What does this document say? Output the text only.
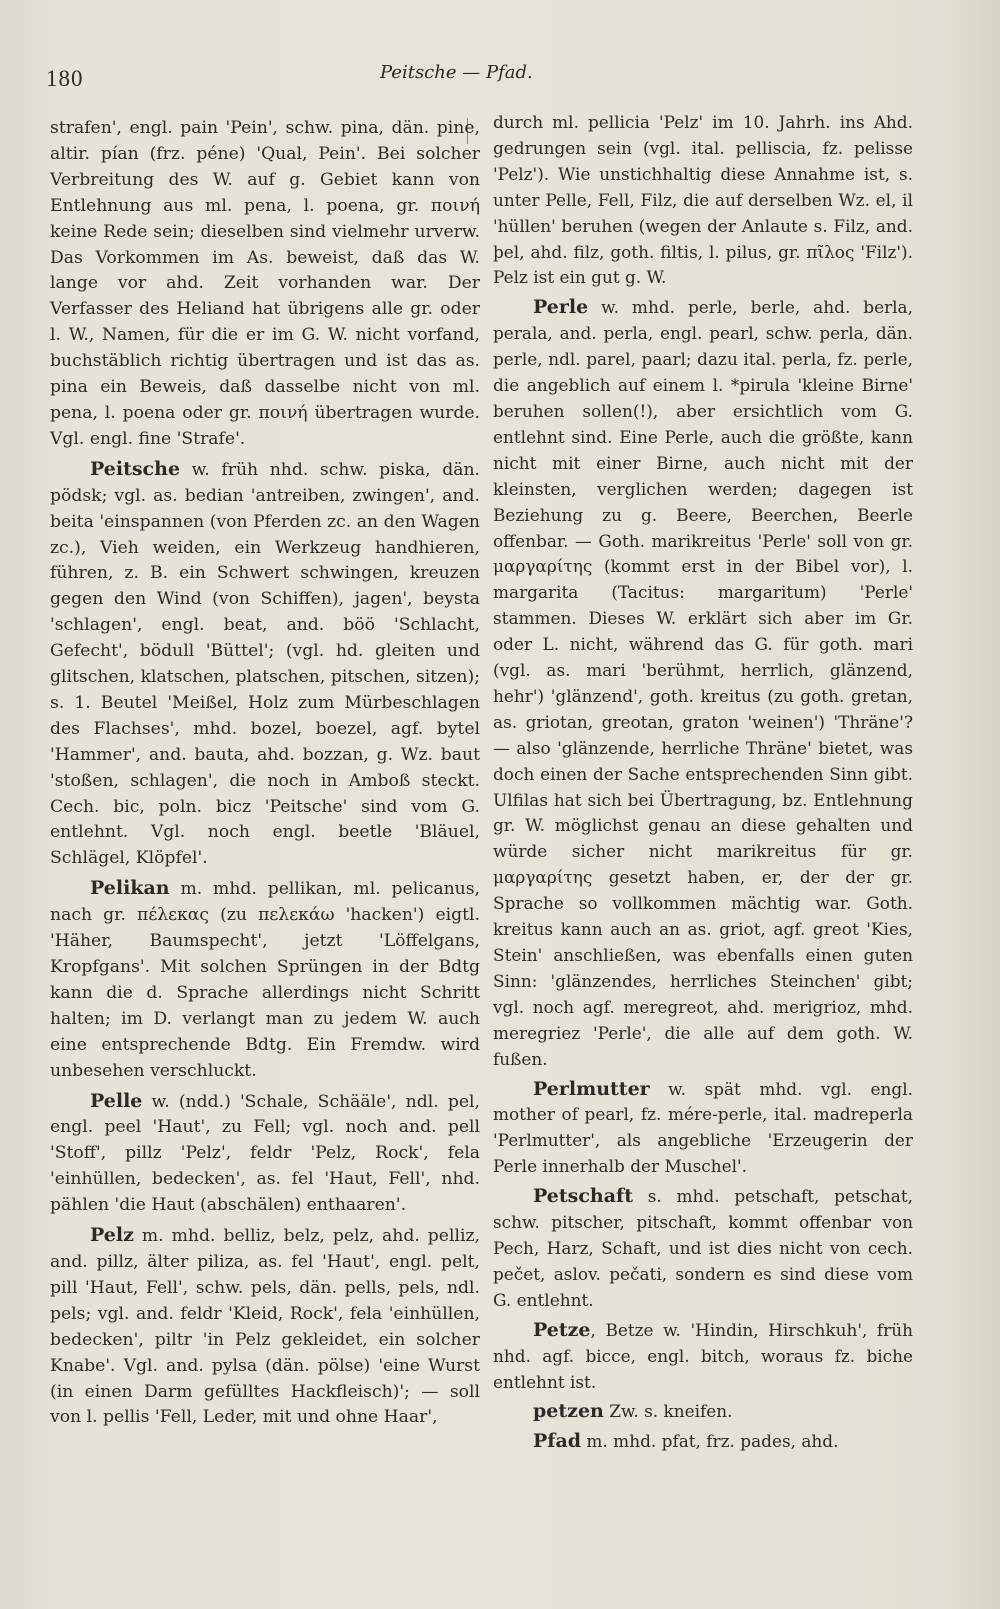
180	Peitsche — Pfad.

strafen', engl. pain 'Pein', schw. pina, dän. pine, altir. pían (frz. péne) 'Qual, Pein'. Bei solcher Verbreitung des W. auf g. Gebiet kann von Entlehnung aus ml. pena, l. poena, gr. ποινή keine Rede sein; dieselben sind vielmehr urverw. Das Vorkommen im As. beweist, daß das W. lange vor ahd. Zeit vorhanden war. Der Verfasser des Heliand hat übrigens alle gr. oder l. W., Namen, für die er im G. W. nicht vorfand, buchstäblich richtig übertragen und ist das as. pina ein Beweis, daß dasselbe nicht von ml. pena, l. poena oder gr. ποινή übertragen wurde. Vgl. engl. fine 'Strafe'.

Peitsche w. früh nhd. schw. piska, dän. pödsk; vgl. as. bedian 'antreiben, zwingen', and. beita 'einspannen (von Pferden zc. an den Wagen zc.), Vieh weiden, ein Werkzeug handhieren, führen, z. B. ein Schwert schwingen, kreuzen gegen den Wind (von Schiffen), jagen', beysta 'schlagen', engl. beat, and. böö 'Schlacht, Gefecht', bödull 'Büttel'; (vgl. hd. gleiten und glitschen, klatschen, platschen, pitschen, sitzen); s. 1. Beutel 'Meißel, Holz zum Mürbeschlagen des Flachses', mhd. bozel, boezel, agf. bytel 'Hammer', and. bauta, ahd. bozzan, g. Wz. baut 'stoßen, schlagen', die noch in Amboß steckt. Cech. bic, poln. bicz 'Peitsche' sind vom G. entlehnt. Vgl. noch engl. beetle 'Bläuel, Schlägel, Klöpfel'.

Pelikan m. mhd. pellikan, ml. pelicanus, nach gr. πέλεκας (zu πελεκάω 'hacken') eigtl. 'Häher, Baumspecht', jetzt 'Löffelgans, Kropfgans'. Mit solchen Sprüngen in der Bdtg kann die d. Sprache allerdings nicht Schritt halten; im D. verlangt man zu jedem W. auch eine entsprechende Bdtg. Ein Fremdw. wird unbesehen verschluckt.

Pelle w. (ndd.) 'Schale, Schääle', ndl. pel, engl. peel 'Haut', zu Fell; vgl. noch and. pell 'Stoff', pillz 'Pelz', feldr 'Pelz, Rock', fela 'einhüllen, bedecken', as. fel 'Haut, Fell', nhd. pählen 'die Haut (abschälen) enthaaren'.

Pelz m. mhd. belliz, belz, pelz, ahd. pelliz, and. pillz, älter piliza, as. fel 'Haut', engl. pelt, pill 'Haut, Fell', schw. pels, dän. pells, pels, ndl. pels; vgl. and. feldr 'Kleid, Rock', fela 'einhüllen, bedecken', piltr 'in Pelz gekleidet, ein solcher Knabe'. Vgl. and. pylsa (dän. pölse) 'eine Wurst (in einen Darm gefülltes Hackfleisch)'; — soll von l. pellis 'Fell, Leder, mit und ohne Haar',

durch ml. pellicia 'Pelz' im 10. Jahrh. ins Ahd. gedrungen sein (vgl. ital. pelliscia, fz. pelisse 'Pelz'). Wie unstichhaltig diese Annahme ist, s. unter Pelle, Fell, Filz, die auf derselben Wz. el, il 'hüllen' beruhen (wegen der Anlaute s. Filz, and. þel, ahd. filz, goth. filtis, l. pilus, gr. πῖλος 'Filz'). Pelz ist ein gut g. W.

Perle w. mhd. perle, berle, ahd. berla, perala, and. perla, engl. pearl, schw. perla, dän. perle, ndl. parel, paarl; dazu ital. perla, fz. perle, die angeblich auf einem l. *pirula 'kleine Birne' beruhen sollen(!), aber ersichtlich vom G. entlehnt sind. Eine Perle, auch die größte, kann nicht mit einer Birne, auch nicht mit der kleinsten, verglichen werden; dagegen ist Beziehung zu g. Beere, Beerchen, Beerle offenbar. — Goth. marikreitus 'Perle' soll von gr. μαργαρίτης (kommt erst in der Bibel vor), l. margarita (Tacitus: margaritum) 'Perle' stammen. Dieses W. erklärt sich aber im Gr. oder L. nicht, während das G. für goth. mari (vgl. as. mari 'berühmt, herrlich, glänzend, hehr') 'glänzend', goth. kreitus (zu goth. gretan, as. griotan, greotan, graton 'weinen') 'Thräne'? — also 'glänzende, herrliche Thräne' bietet, was doch einen der Sache entsprechenden Sinn gibt. Ulfilas hat sich bei Übertragung, bz. Entlehnung gr. W. möglichst genau an diese gehalten und würde sicher nicht marikreitus für gr. μαργαρίτης gesetzt haben, er, der der gr. Sprache so vollkommen mächtig war. Goth. kreitus kann auch an as. griot, agf. greot 'Kies, Stein' anschließen, was ebenfalls einen guten Sinn: 'glänzendes, herrliches Steinchen' gibt; vgl. noch agf. meregreot, ahd. merigrioz, mhd. meregriez 'Perle', die alle auf dem goth. W. fußen.

Perlmutter w. spät mhd. vgl. engl. mother of pearl, fz. mére-perle, ital. madreperla 'Perlmutter', als angebliche 'Erzeugerin der Perle innerhalb der Muschel'.

Petschaft s. mhd. petschaft, petschat, schw. pitscher, pitschaft, kommt offenbar von Pech, Harz, Schaft, und ist dies nicht von cech. pečet, aslov. pečati, sondern es sind diese vom G. entlehnt.

Petze, Betze w. 'Hindin, Hirschkuh', früh nhd. agf. bicce, engl. bitch, woraus fz. biche entlehnt ist.

petzen Zw. s. kneifen.

Pfad m. mhd. pfat, frz. pades, ahd.
